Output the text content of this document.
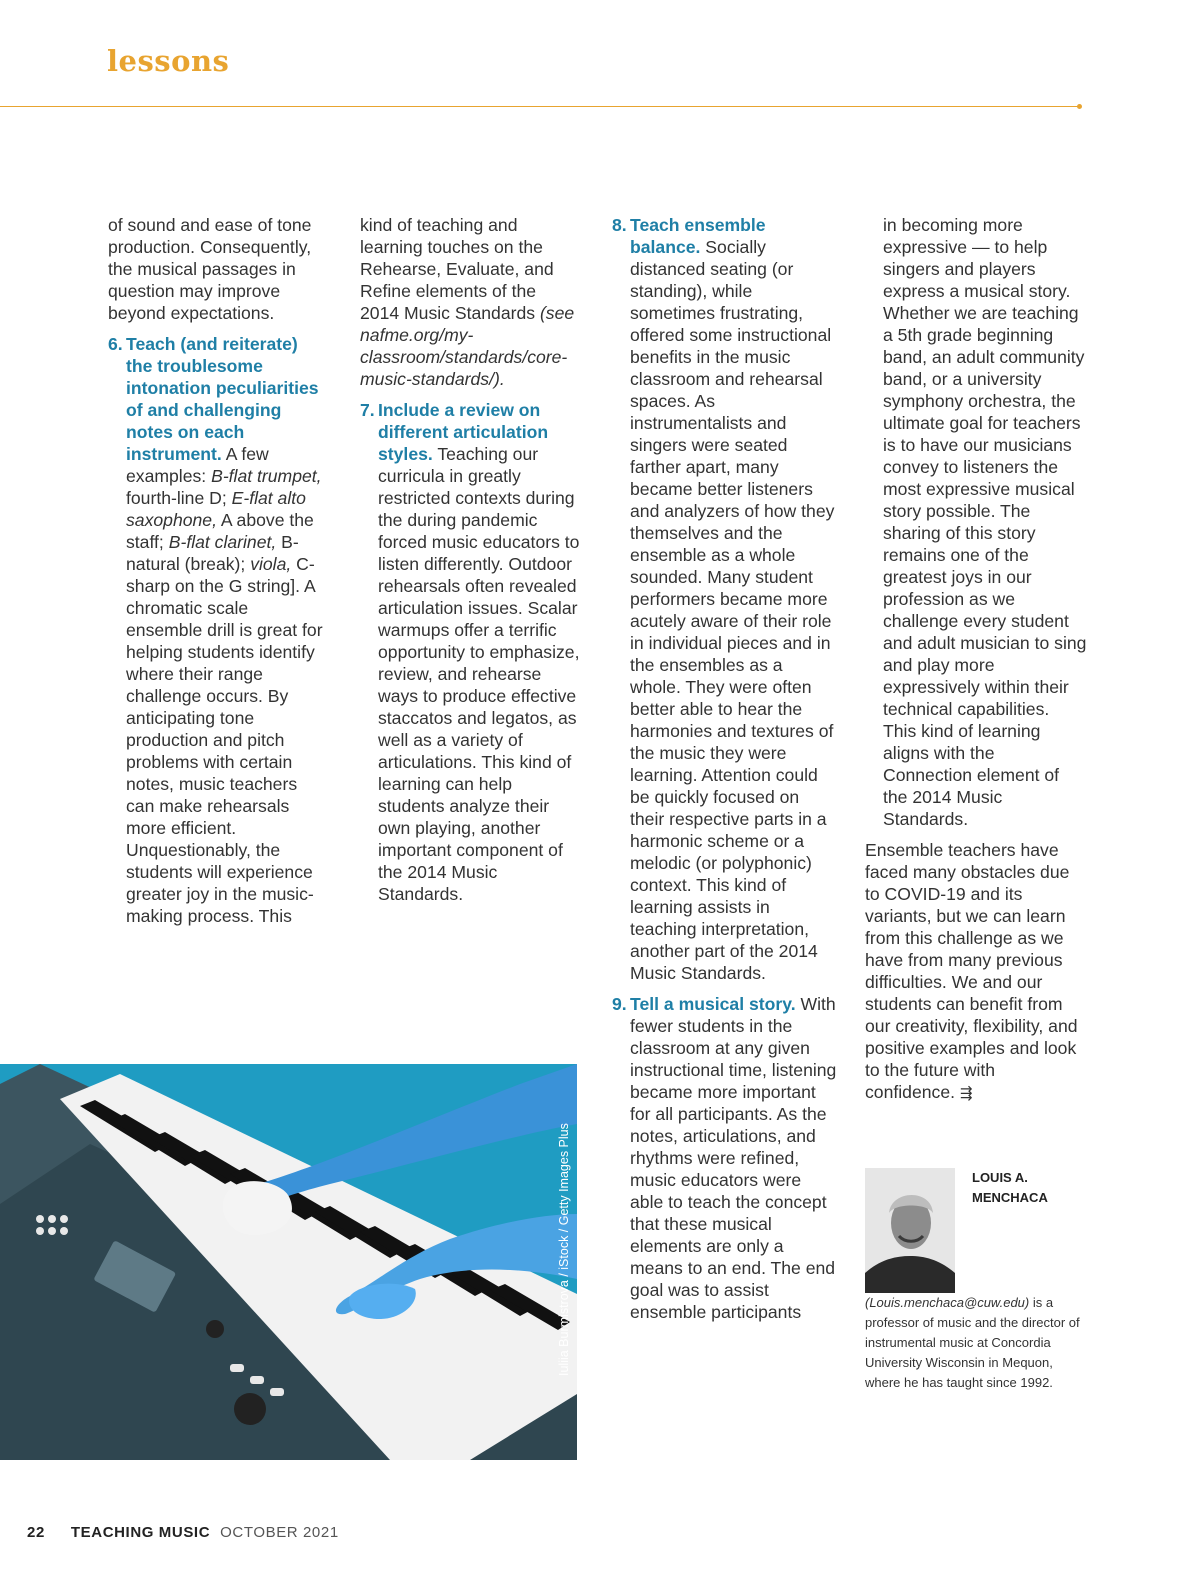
lessons

of sound and ease of tone production. Consequently, the musical passages in question may improve beyond expectations.

6. Teach (and reiterate) the troublesome intonation peculiarities of and challenging notes on each instrument. A few examples: B-flat trumpet, fourth-line D; E-flat alto saxophone, A above the staff; B-flat clarinet, B-natural (break); viola, C-sharp on the G string]. A chromatic scale ensemble drill is great for helping students identify where their range challenge occurs. By anticipating tone production and pitch problems with certain notes, music teachers can make rehearsals more efficient. Unquestionably, the students will experience greater joy in the music-making process. This

kind of teaching and learning touches on the Rehearse, Evaluate, and Refine elements of the 2014 Music Standards (see nafme.org/my-classroom/standards/core-music-standards/).

7. Include a review on different articulation styles. Teaching our curricula in greatly restricted contexts during the during pandemic forced music educators to listen differently. Outdoor rehearsals often revealed articulation issues. Scalar warmups offer a terrific opportunity to emphasize, review, and rehearse ways to produce effective staccatos and legatos, as well as a variety of articulations. This kind of learning can help students analyze their own playing, another important component of the 2014 Music Standards.
8. Teach ensemble balance. Socially distanced seating (or standing), while sometimes frustrating, offered some instructional benefits in the music classroom and rehearsal spaces. As instrumentalists and singers were seated farther apart, many became better listeners and analyzers of how they themselves and the ensemble as a whole sounded. Many student performers became more acutely aware of their role in individual pieces and in the ensembles as a whole. They were often better able to hear the harmonies and textures of the music they were learning. Attention could be quickly focused on their respective parts in a harmonic scheme or a melodic (or polyphonic) context. This kind of learning assists in teaching interpretation, another part of the 2014 Music Standards.
9. Tell a musical story. With fewer students in the classroom at any given instructional time, listening became more important for all participants. As the notes, articulations, and rhythms were refined, music educators were able to teach the concept that these musical elements are only a means to an end. The end goal was to assist ensemble participants

in becoming more expressive — to help singers and players express a musical story. Whether we are teaching a 5th grade beginning band, an adult community band, or a university symphony orchestra, the ultimate goal for teachers is to have our musicians convey to listeners the most expressive musical story possible. The sharing of this story remains one of the greatest joys in our profession as we challenge every student and adult musician to sing and play more expressively within their technical capabilities. This kind of learning aligns with the Connection element of the 2014 Music Standards.

Ensemble teachers have faced many obstacles due to COVID-19 and its variants, but we can learn from this challenge as we have from many previous difficulties. We and our students can benefit from our creativity, flexibility, and positive examples and look to the future with confidence. ⇶

Iuliia Burmistrova / iStock / Getty Images Plus	LOUIS A. MENCHACA
(Louis.menchaca@cuw.edu) is a professor of music and the director of instrumental music at Concordia University Wisconsin in Mequon, where he has taught since 1992.
22 TEACHING MUSIC OCTOBER 2021
